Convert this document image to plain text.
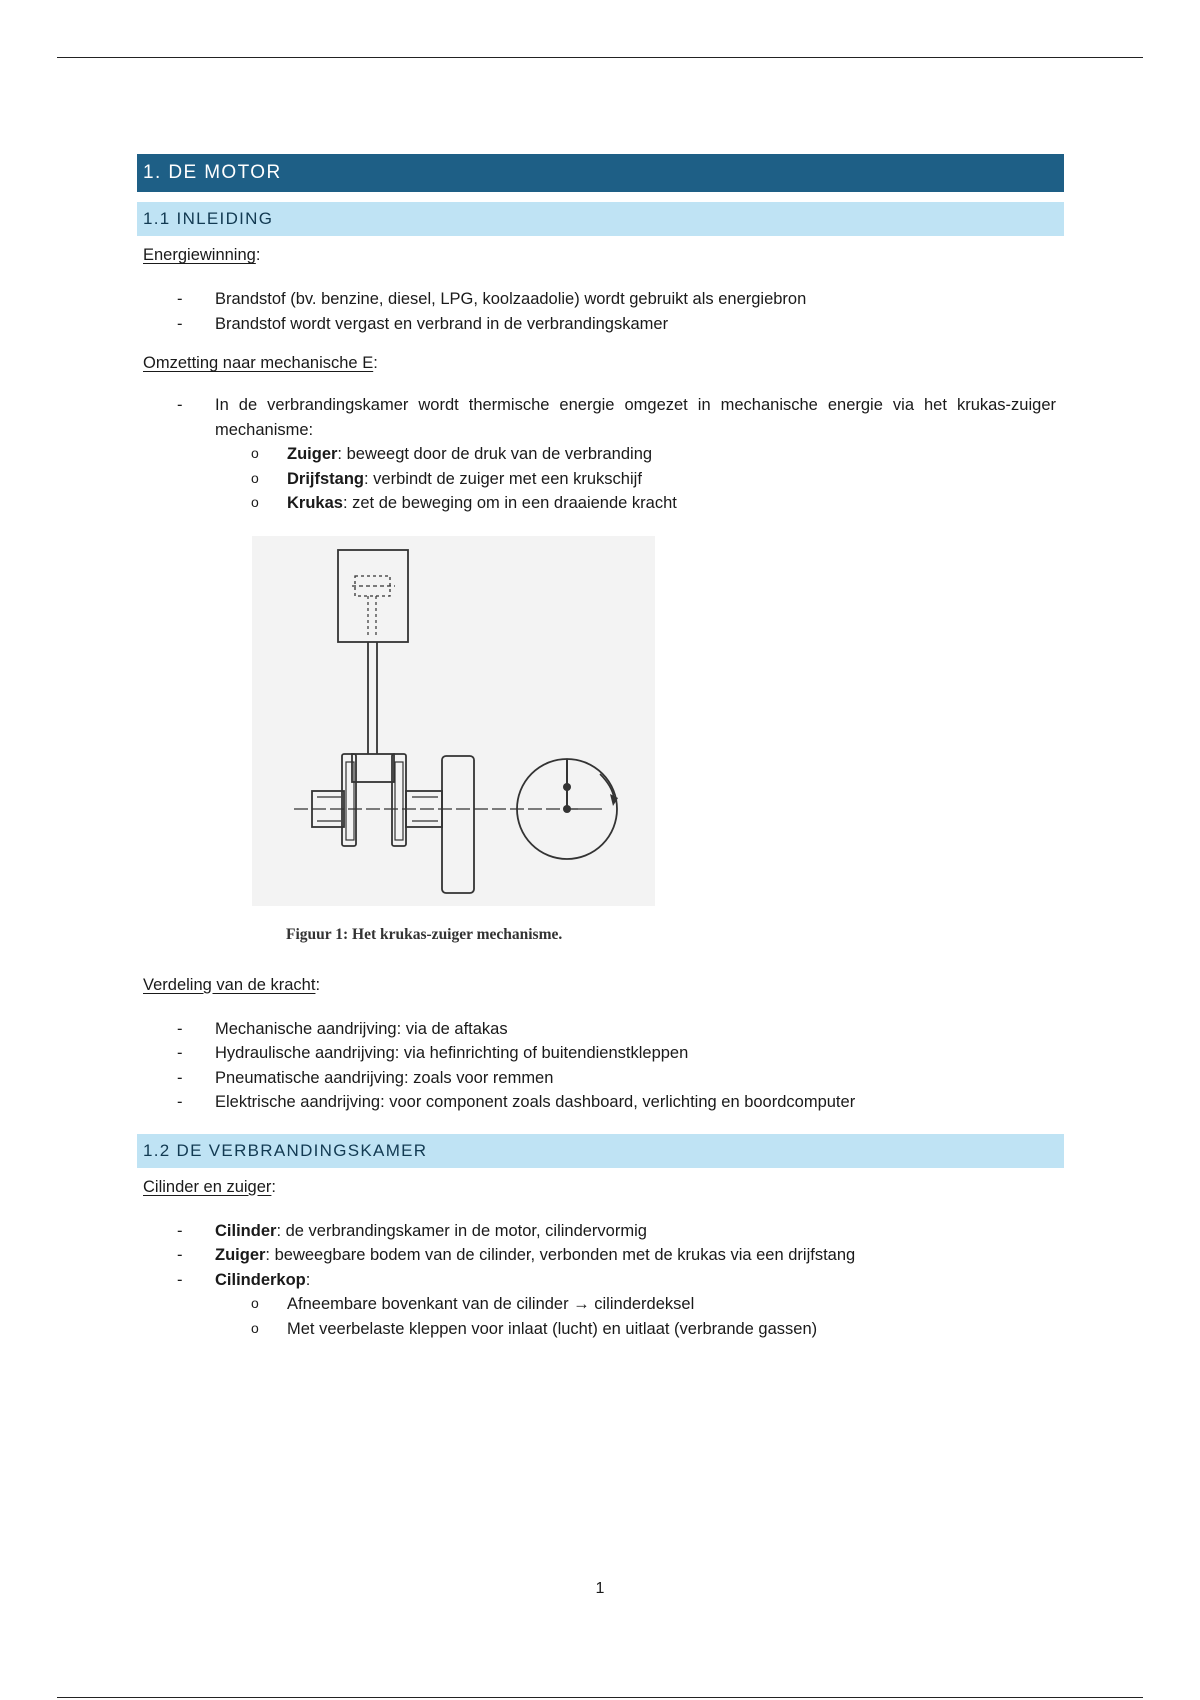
1. DE MOTOR
1.1 INLEIDING
Energiewinning:
- Brandstof (bv. benzine, diesel, LPG, koolzaadolie) wordt gebruikt als energiebron
- Brandstof wordt vergast en verbrand in de verbrandingskamer
Omzetting naar mechanische E:
- In de verbrandingskamer wordt thermische energie omgezet in mechanische energie via het krukas-zuiger mechanisme:
o Zuiger: beweegt door de druk van de verbranding
o Drijfstang: verbindt de zuiger met een krukschijf
o Krukas: zet de beweging om in een draaiende kracht
Figuur 1: Het krukas-zuiger mechanisme.
Verdeling van de kracht:
- Mechanische aandrijving: via de aftakas
- Hydraulische aandrijving: via hefinrichting of buitendienstkleppen
- Pneumatische aandrijving: zoals voor remmen
- Elektrische aandrijving: voor component zoals dashboard, verlichting en boordcomputer
1.2 DE VERBRANDINGSKAMER
Cilinder en zuiger:
- Cilinder: de verbrandingskamer in de motor, cilindervormig
- Zuiger: beweegbare bodem van de cilinder, verbonden met de krukas via een drijfstang
- Cilinderkop:
o Afneembare bovenkant van de cilinder → cilinderdeksel
o Met veerbelaste kleppen voor inlaat (lucht) en uitlaat (verbrande gassen)
1
